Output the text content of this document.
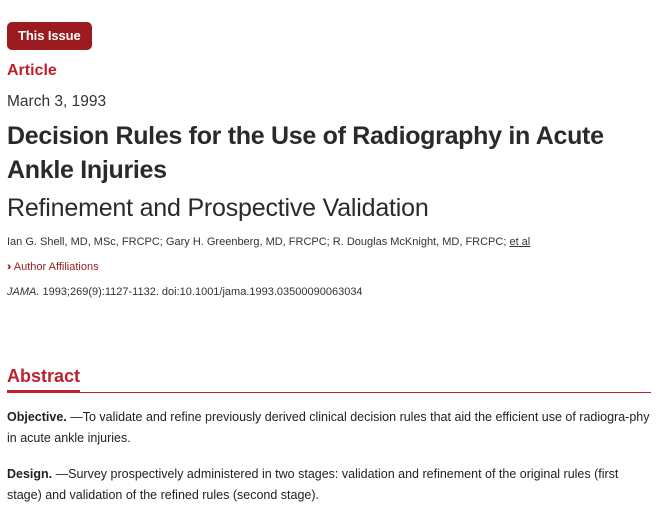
This Issue
Article
March 3, 1993
Decision Rules for the Use of Radiography in Acute Ankle Injuries
Refinement and Prospective Validation
Ian G. Shell, MD, MSc, FRCPC; Gary H. Greenberg, MD, FRCPC; R. Douglas McKnight, MD, FRCPC; et al
›› Author Affiliations
JAMA. 1993;269(9):1127-1132. doi:10.1001/jama.1993.03500090063034
Abstract

Objective. —To validate and refine previously derived clinical decision rules that aid the efficient use of radiogra-phy in acute ankle injuries.

Design. —Survey prospectively administered in two stages: validation and refinement of the original rules (first stage) and validation of the refined rules (second stage).
